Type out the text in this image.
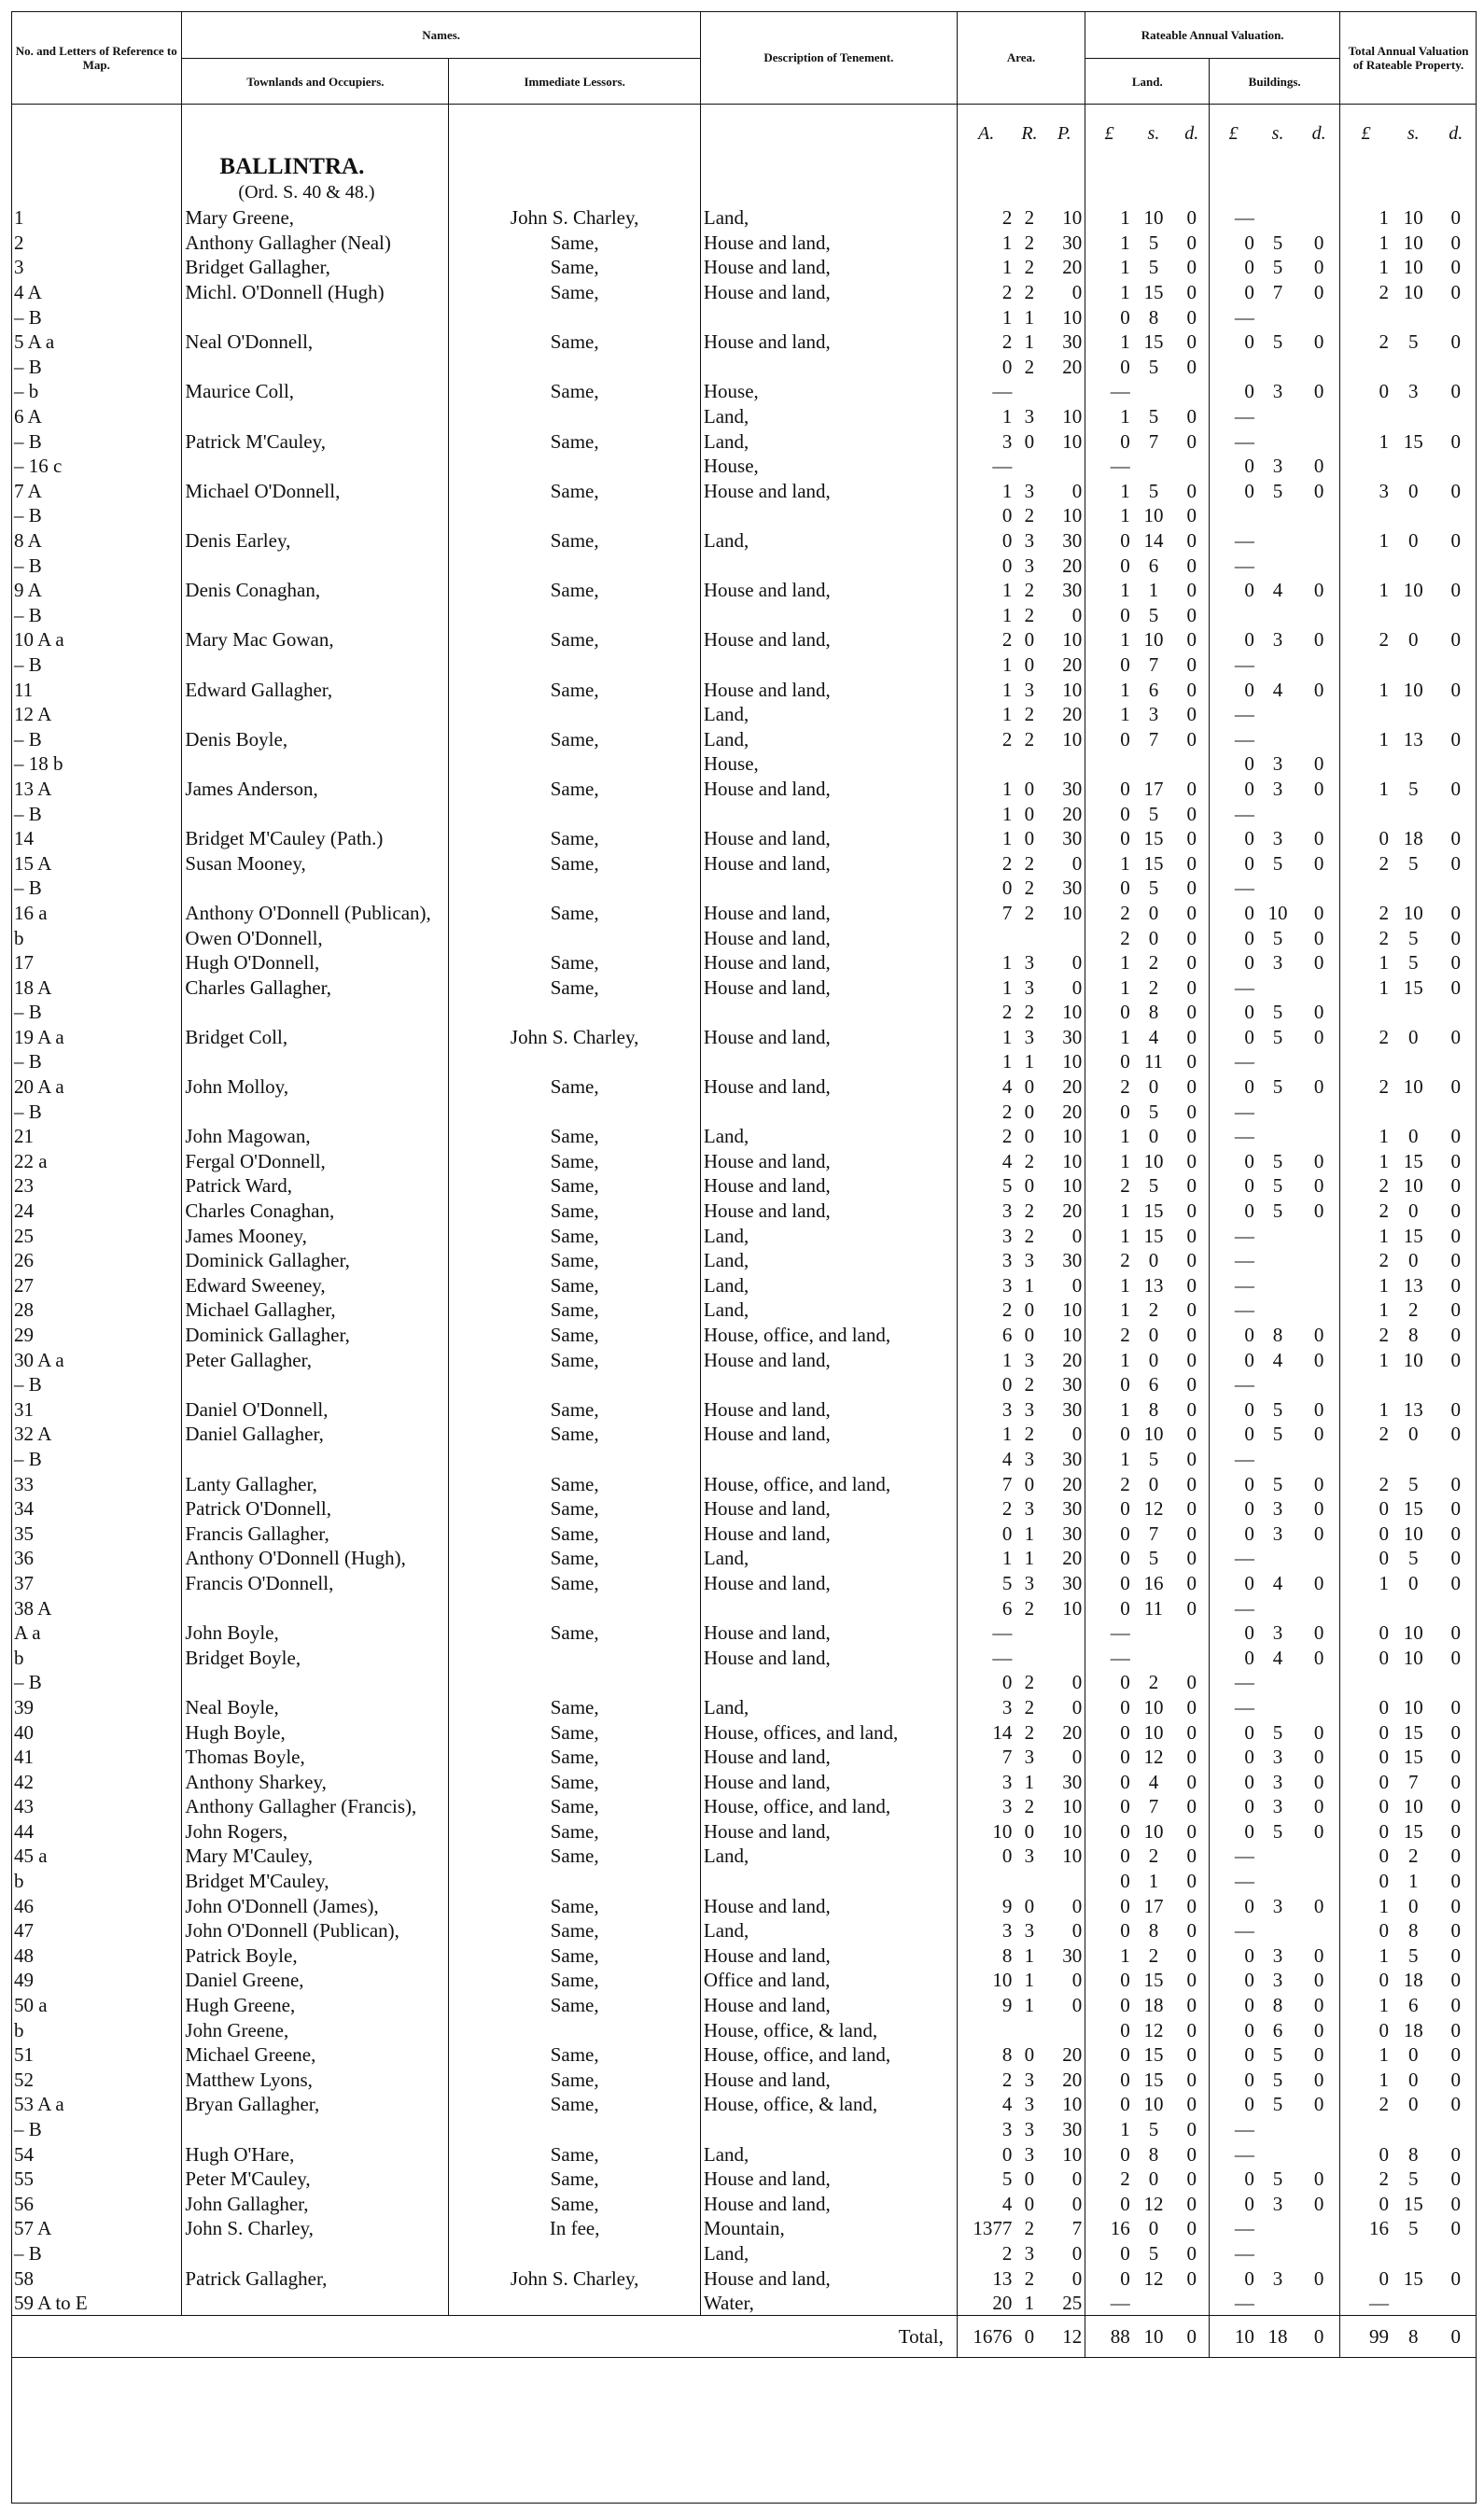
No. and Letters of Reference to Map.	Names.		Description of Tenement.	Area.			Rateable Annual Valuation.						Total Annual Valuation of Rateable Property.		
	Townlands and Occupiers.	Immediate Lessors.					Land.			Buildings.					
				A.	R.	P.	£	s.	d.	£	s.	d.	£	s.	d.
	BALLINTRA.														
	(Ord. S. 40 & 48.)														
1	Mary Greene,	John S. Charley,	Land,	2	2	10	1	10	0	—			1	10	0
2	Anthony Gallagher (Neal)	Same,	House and land,	1	2	30	1	5	0	0	5	0	1	10	0
3	Bridget Gallagher,	Same,	House and land,	1	2	20	1	5	0	0	5	0	1	10	0
4 A	Michl. O'Donnell (Hugh)	Same,	House and land,	2	2	0	1	15	0	0	7	0	2	10	0
– B				1	1	10	0	8	0	—					
5 A a	Neal O'Donnell,	Same,	House and land,	2	1	30	1	15	0	0	5	0	2	5	0
– B				0	2	20	0	5	0						
– b	Maurice Coll,	Same,	House,	—			—			0	3	0	0	3	0
6 A			Land,	1	3	10	1	5	0	—					
– B	Patrick M'Cauley,	Same,	Land,	3	0	10	0	7	0	—			1	15	0
– 16 c			House,	—			—			0	3	0			
7 A	Michael O'Donnell,	Same,	House and land,	1	3	0	1	5	0	0	5	0	3	0	0
– B				0	2	10	1	10	0						
8 A	Denis Earley,	Same,	Land,	0	3	30	0	14	0	—			1	0	0
– B				0	3	20	0	6	0	—					
9 A	Denis Conaghan,	Same,	House and land,	1	2	30	1	1	0	0	4	0	1	10	0
– B				1	2	0	0	5	0						
10 A a	Mary Mac Gowan,	Same,	House and land,	2	0	10	1	10	0	0	3	0	2	0	0
– B				1	0	20	0	7	0	—					
11	Edward Gallagher,	Same,	House and land,	1	3	10	1	6	0	0	4	0	1	10	0
12 A			Land,	1	2	20	1	3	0	—					
– B	Denis Boyle,	Same,	Land,	2	2	10	0	7	0	—			1	13	0
– 18 b			House,							0	3	0			
13 A	James Anderson,	Same,	House and land,	1	0	30	0	17	0	0	3	0	1	5	0
– B				1	0	20	0	5	0	—					
14	Bridget M'Cauley (Path.)	Same,	House and land,	1	0	30	0	15	0	0	3	0	0	18	0
15 A	Susan Mooney,	Same,	House and land,	2	2	0	1	15	0	0	5	0	2	5	0
– B				0	2	30	0	5	0	—					
16 a	Anthony O'Donnell (Publican),	Same,	House and land,	7	2	10	2	0	0	0	10	0	2	10	0
b	Owen O'Donnell,		House and land,				2	0	0	0	5	0	2	5	0
17	Hugh O'Donnell,	Same,	House and land,	1	3	0	1	2	0	0	3	0	1	5	0
18 A	Charles Gallagher,	Same,	House and land,	1	3	0	1	2	0	—			1	15	0
– B				2	2	10	0	8	0	0	5	0			
19 A a	Bridget Coll,	John S. Charley,	House and land,	1	3	30	1	4	0	0	5	0	2	0	0
– B				1	1	10	0	11	0	—					
20 A a	John Molloy,	Same,	House and land,	4	0	20	2	0	0	0	5	0	2	10	0
– B				2	0	20	0	5	0	—					
21	John Magowan,	Same,	Land,	2	0	10	1	0	0	—			1	0	0
22 a	Fergal O'Donnell,	Same,	House and land,	4	2	10	1	10	0	0	5	0	1	15	0
23	Patrick Ward,	Same,	House and land,	5	0	10	2	5	0	0	5	0	2	10	0
24	Charles Conaghan,	Same,	House and land,	3	2	20	1	15	0	0	5	0	2	0	0
25	James Mooney,	Same,	Land,	3	2	0	1	15	0	—			1	15	0
26	Dominick Gallagher,	Same,	Land,	3	3	30	2	0	0	—			2	0	0
27	Edward Sweeney,	Same,	Land,	3	1	0	1	13	0	—			1	13	0
28	Michael Gallagher,	Same,	Land,	2	0	10	1	2	0	—			1	2	0
29	Dominick Gallagher,	Same,	House, office, and land,	6	0	10	2	0	0	0	8	0	2	8	0
30 A a	Peter Gallagher,	Same,	House and land,	1	3	20	1	0	0	0	4	0	1	10	0
– B				0	2	30	0	6	0	—					
31	Daniel O'Donnell,	Same,	House and land,	3	3	30	1	8	0	0	5	0	1	13	0
32 A	Daniel Gallagher,	Same,	House and land,	1	2	0	0	10	0	0	5	0	2	0	0
– B				4	3	30	1	5	0	—					
33	Lanty Gallagher,	Same,	House, office, and land,	7	0	20	2	0	0	0	5	0	2	5	0
34	Patrick O'Donnell,	Same,	House and land,	2	3	30	0	12	0	0	3	0	0	15	0
35	Francis Gallagher,	Same,	House and land,	0	1	30	0	7	0	0	3	0	0	10	0
36	Anthony O'Donnell (Hugh),	Same,	Land,	1	1	20	0	5	0	—			0	5	0
37	Francis O'Donnell,	Same,	House and land,	5	3	30	0	16	0	0	4	0	1	0	0
38 A				6	2	10	0	11	0	—					
A a	John Boyle,	Same,	House and land,	—			—			0	3	0	0	10	0
b	Bridget Boyle,		House and land,	—			—			0	4	0	0	10	0
– B				0	2	0	0	2	0	—					
39	Neal Boyle,	Same,	Land,	3	2	0	0	10	0	—			0	10	0
40	Hugh Boyle,	Same,	House, offices, and land,	14	2	20	0	10	0	0	5	0	0	15	0
41	Thomas Boyle,	Same,	House and land,	7	3	0	0	12	0	0	3	0	0	15	0
42	Anthony Sharkey,	Same,	House and land,	3	1	30	0	4	0	0	3	0	0	7	0
43	Anthony Gallagher (Francis),	Same,	House, office, and land,	3	2	10	0	7	0	0	3	0	0	10	0
44	John Rogers,	Same,	House and land,	10	0	10	0	10	0	0	5	0	0	15	0
45 a	Mary M'Cauley,	Same,	Land,	0	3	10	0	2	0	—			0	2	0
b	Bridget M'Cauley,						0	1	0	—			0	1	0
46	John O'Donnell (James),	Same,	House and land,	9	0	0	0	17	0	0	3	0	1	0	0
47	John O'Donnell (Publican),	Same,	Land,	3	3	0	0	8	0	—			0	8	0
48	Patrick Boyle,	Same,	House and land,	8	1	30	1	2	0	0	3	0	1	5	0
49	Daniel Greene,	Same,	Office and land,	10	1	0	0	15	0	0	3	0	0	18	0
50 a	Hugh Greene,	Same,	House and land,	9	1	0	0	18	0	0	8	0	1	6	0
b	John Greene,		House, office, & land,				0	12	0	0	6	0	0	18	0
51	Michael Greene,	Same,	House, office, and land,	8	0	20	0	15	0	0	5	0	1	0	0
52	Matthew Lyons,	Same,	House and land,	2	3	20	0	15	0	0	5	0	1	0	0
53 A a	Bryan Gallagher,	Same,	House, office, & land,	4	3	10	0	10	0	0	5	0	2	0	0
– B				3	3	30	1	5	0	—					
54	Hugh O'Hare,	Same,	Land,	0	3	10	0	8	0	—			0	8	0
55	Peter M'Cauley,	Same,	House and land,	5	0	0	2	0	0	0	5	0	2	5	0
56	John Gallagher,	Same,	House and land,	4	0	0	0	12	0	0	3	0	0	15	0
57 A	John S. Charley,	In fee,	Mountain,	1377	2	7	16	0	0	—			16	5	0
– B			Land,	2	3	0	0	5	0	—					
58	Patrick Gallagher,	John S. Charley,	House and land,	13	2	0	0	12	0	0	3	0	0	15	0
59 A to E			Water,	20	1	25	—			—			—		
Total,				1676	0	12	88	10	0	10	18	0	99	8	0
